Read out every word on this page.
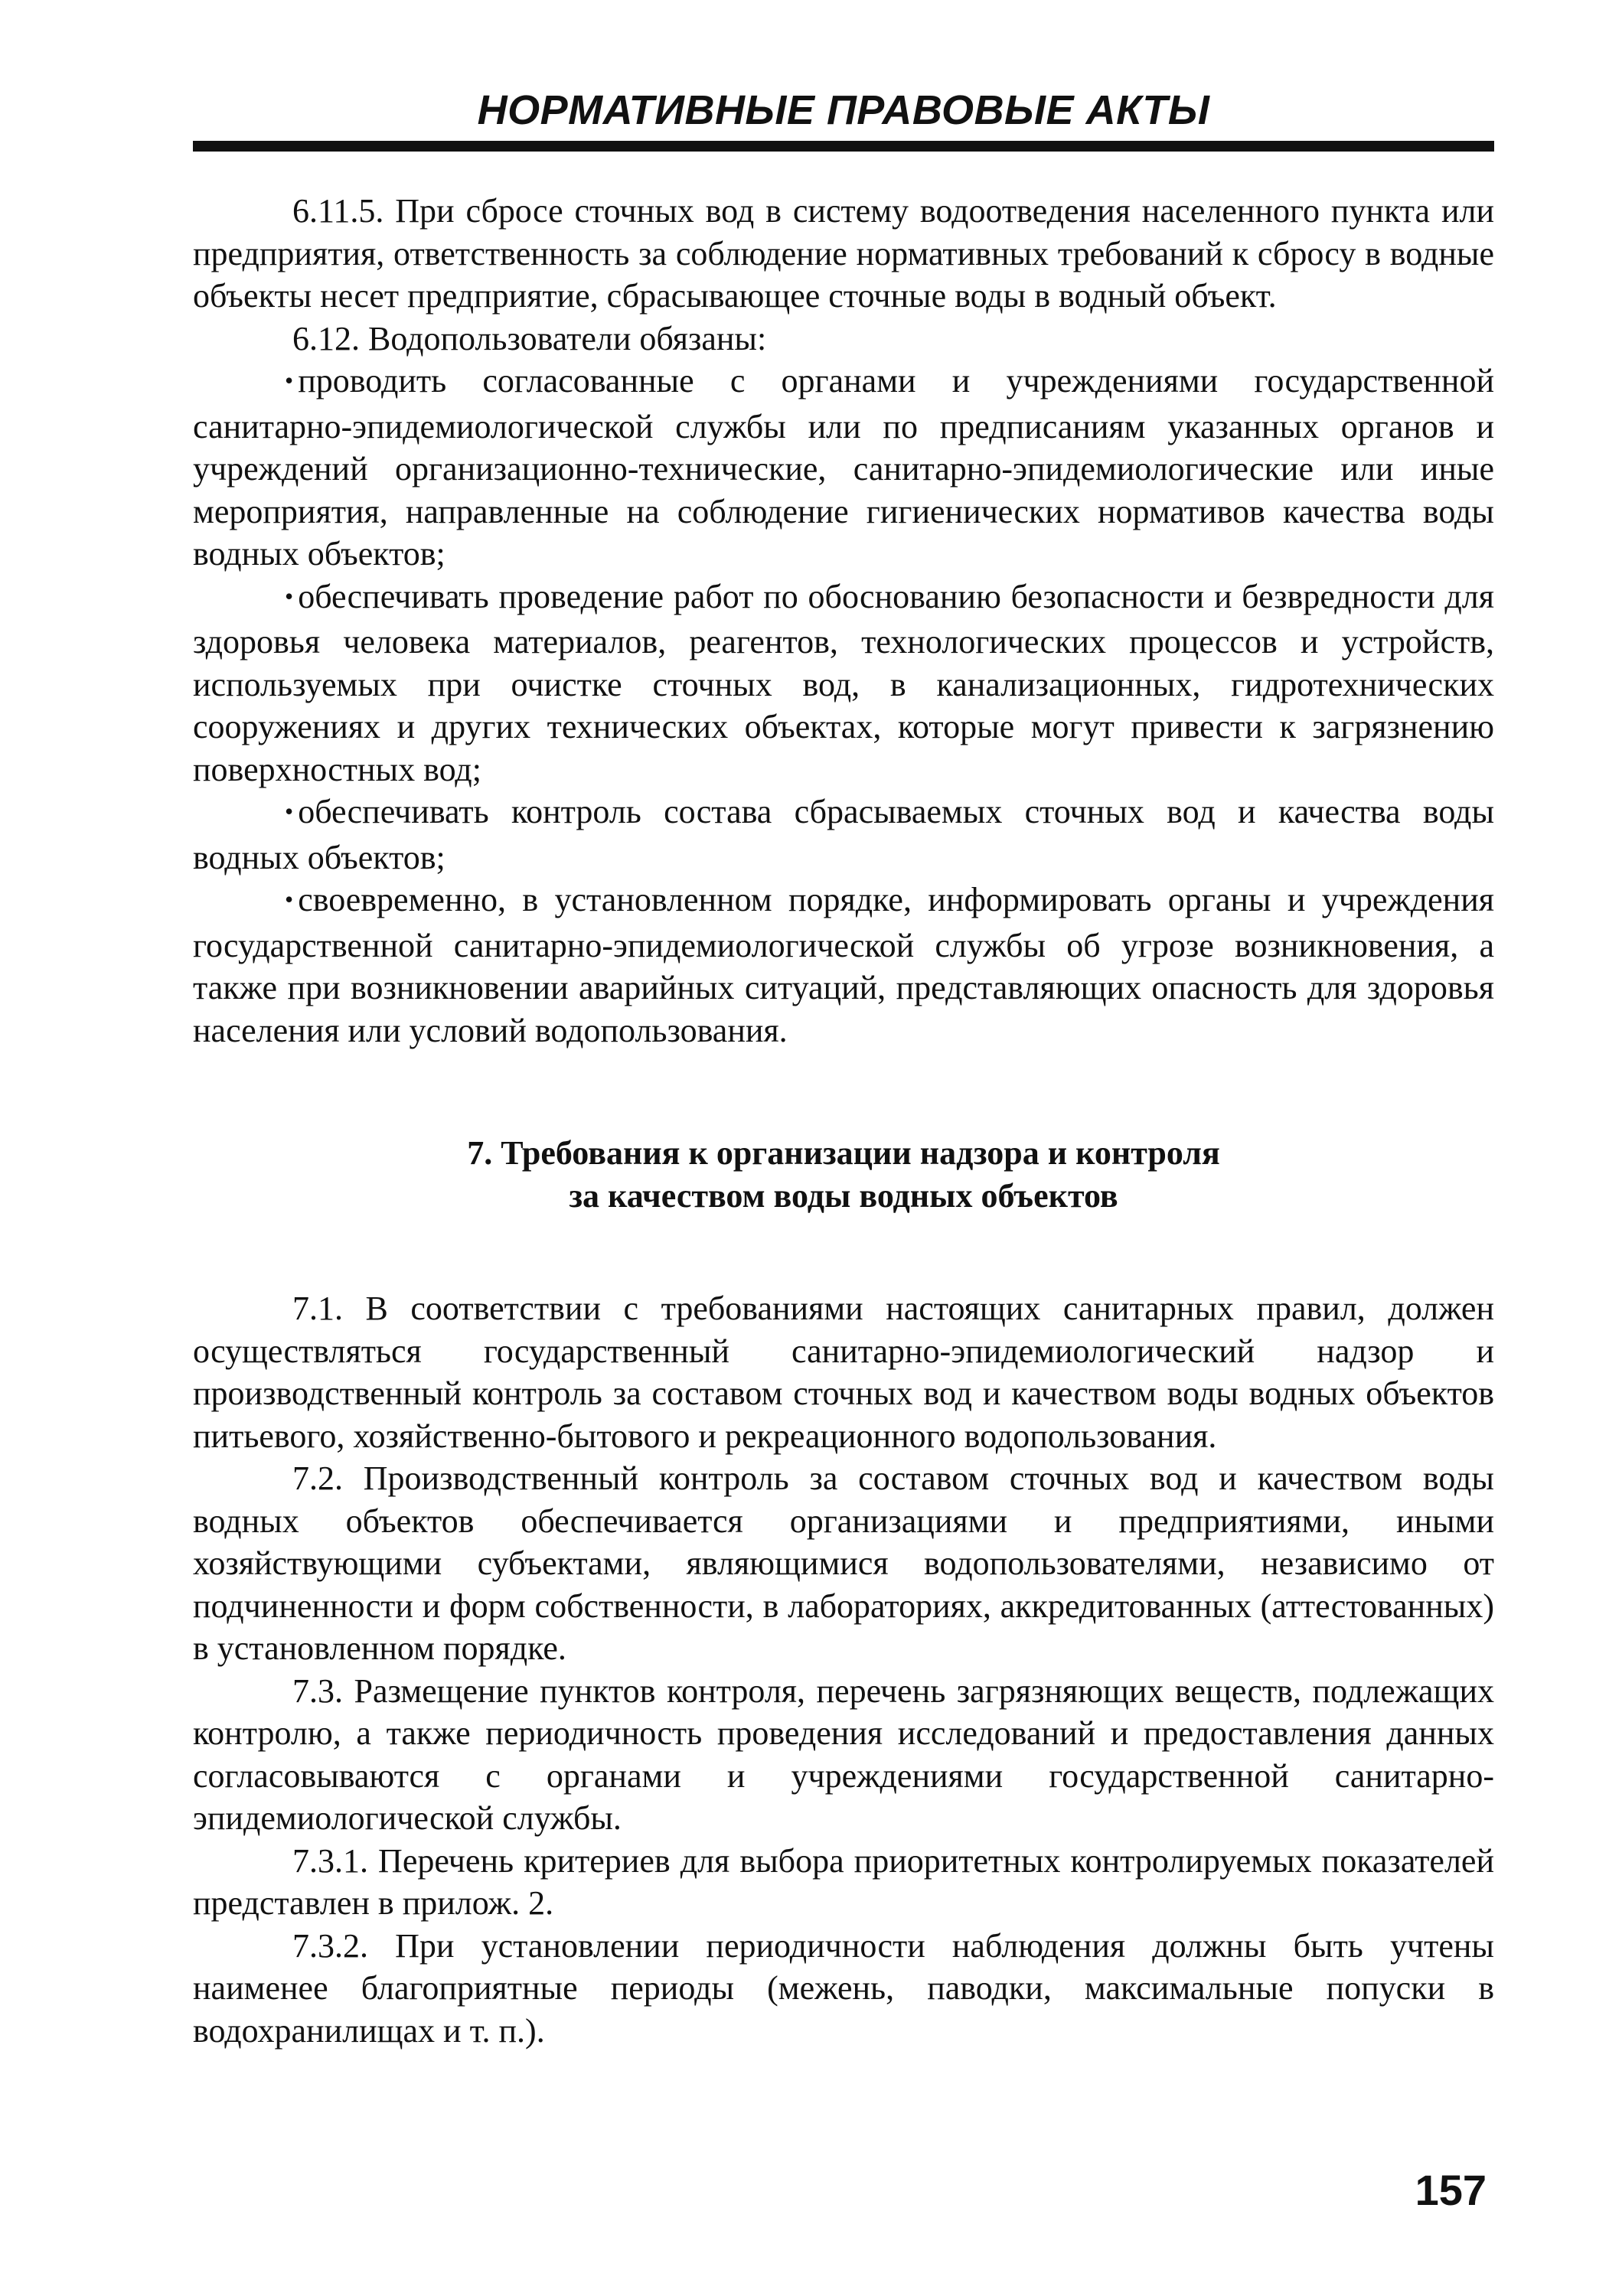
НОРМАТИВНЫЕ ПРАВОВЫЕ АКТЫ

6.11.5. При сбросе сточных вод в систему водоотведения населенного пункта или предприятия, ответственность за соблюдение нормативных требований к сбросу в водные объекты несет предприятие, сбрасывающее сточные воды в водный объект.

6.12. Водопользователи обязаны:

• проводить согласованные с органами и учреждениями государственной санитарно-эпидемиологической службы или по предписаниям указанных органов и учреждений организационно-технические, санитарно-эпидемиологические или иные мероприятия, направленные на соблюдение гигиенических нормативов качества воды водных объектов;

• обеспечивать проведение работ по обоснованию безопасности и безвредности для здоровья человека материалов, реагентов, технологических процессов и устройств, используемых при очистке сточных вод, в канализационных, гидротехнических сооружениях и других технических объектах, которые могут привести к загрязнению поверхностных вод;

• обеспечивать контроль состава сбрасываемых сточных вод и качества воды водных объектов;

• своевременно, в установленном порядке, информировать органы и учреждения государственной санитарно-эпидемиологической службы об угрозе возникновения, а также при возникновении аварийных ситуаций, представляющих опасность для здоровья населения или условий водопользования.

7. Требования к организации надзора и контроля
за качеством воды водных объектов

7.1. В соответствии с требованиями настоящих санитарных правил, должен осуществляться государственный санитарно-эпидемиологический надзор и производственный контроль за составом сточных вод и качеством воды водных объектов питьевого, хозяйственно-бытового и рекреационного водопользования.

7.2. Производственный контроль за составом сточных вод и качеством воды водных объектов обеспечивается организациями и предприятиями, иными хозяйствующими субъектами, являющимися водопользователями, независимо от подчиненности и форм собственности, в лабораториях, аккредитованных (аттестованных) в установленном порядке.

7.3. Размещение пунктов контроля, перечень загрязняющих веществ, подлежащих контролю, а также периодичность проведения исследований и предоставления данных согласовываются с органами и учреждениями государственной санитарно-эпидемиологической службы.

7.3.1. Перечень критериев для выбора приоритетных контролируемых показателей представлен в прилож. 2.

7.3.2. При установлении периодичности наблюдения должны быть учтены наименее благоприятные периоды (межень, паводки, максимальные попуски в водохранилищах и т. п.).

157
